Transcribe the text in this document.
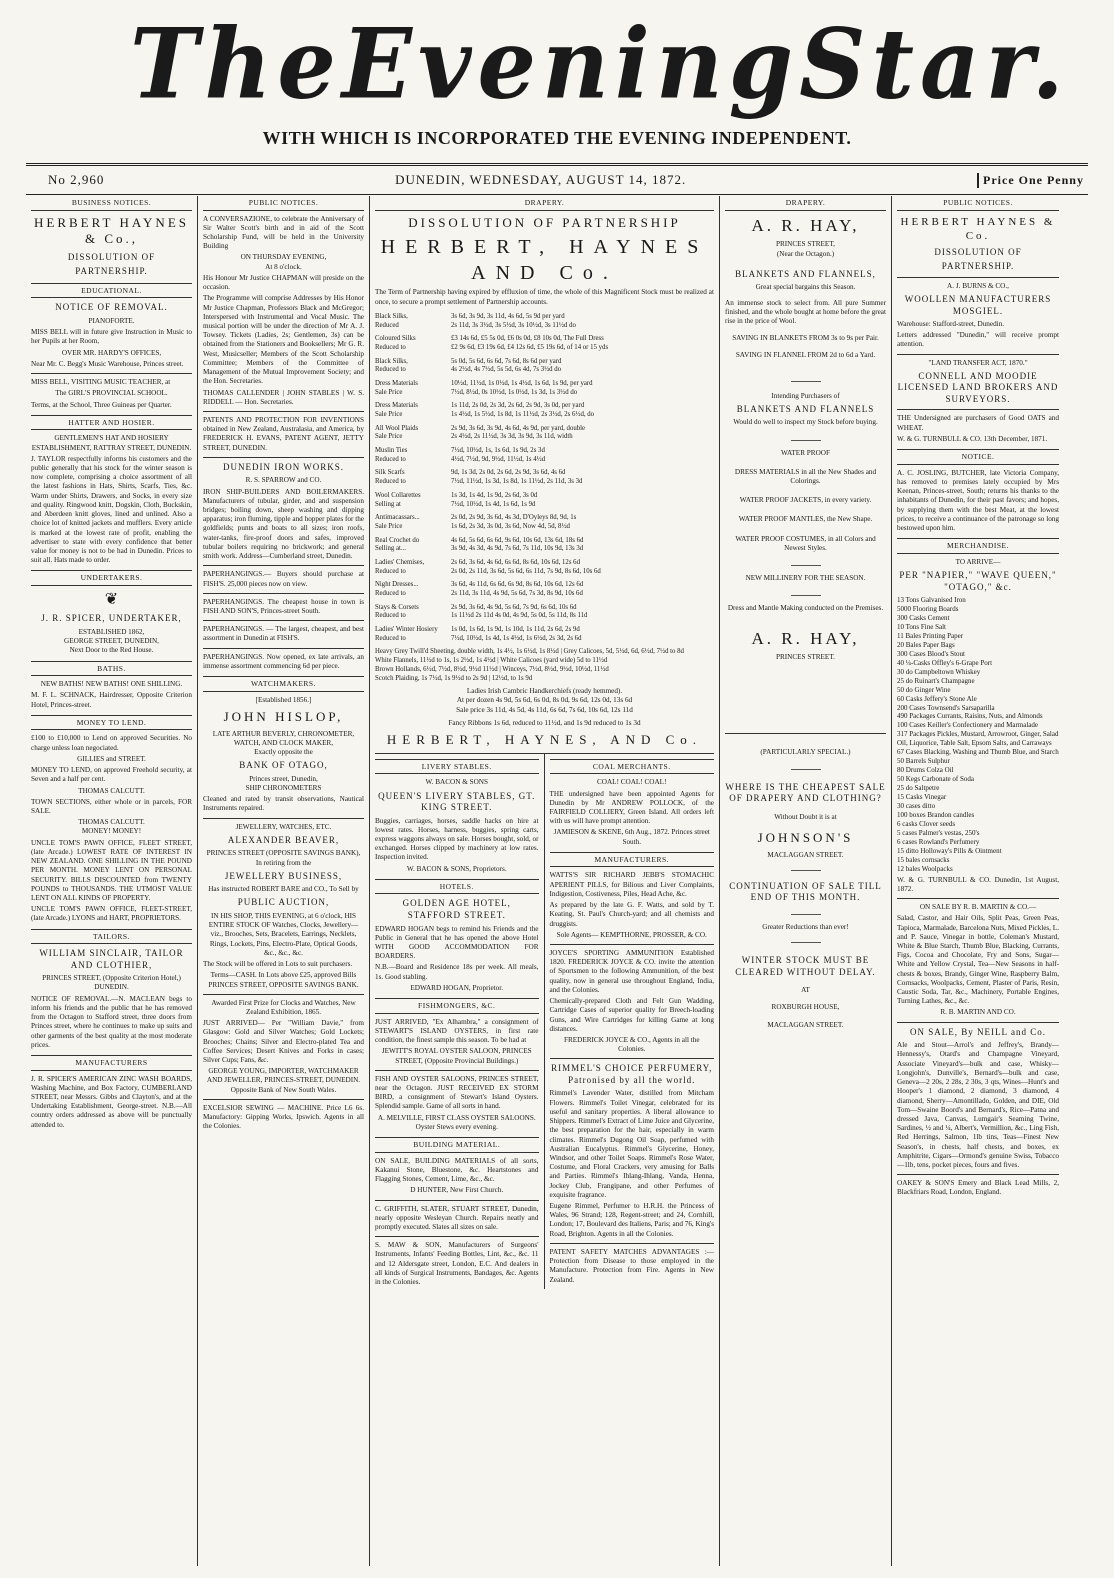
The Evening Star.
WITH WHICH IS INCORPORATED THE EVENING INDEPENDENT.
No 2,960	DUNEDIN, WEDNESDAY, AUGUST 14, 1872.	Price One Penny
BUSINESS NOTICES.
HERBERT HAYNES & Co.,
DISSOLUTION OF
PARTNERSHIP.
EDUCATIONAL.
NOTICE OF REMOVAL.
PIANOFORTE.

MISS BELL will in future give Instruction in Music to her Pupils at her Room,

OVER MR. HARDY'S OFFICES,

Near Mr. C. Begg's Music Warehouse, Princes street.

MISS BELL, VISITING MUSIC TEACHER, at

The GIRL'S PROVINCIAL SCHOOL.

Terms, at the School, Three Guineas per Quarter.

HATTER AND HOSIER.
GENTLEMEN'S HAT AND HOSIERY ESTABLISHMENT, RATTRAY STREET, DUNEDIN.

J. TAYLOR respectfully informs his customers and the public generally that his stock for the winter season is now complete, comprising a choice assortment of all the latest fashions in Hats, Shirts, Scarfs, Ties, &c. Warm under Shirts, Drawers, and Socks, in every size and quality. Ringwood knitt, Dogskin, Cloth, Buckskin, and Aberdeen knitt gloves, lined and unlined. Also a choice lot of knitted jackets and mufflers. Every article is marked at the lowest rate of profit, enabling the advertiser to state with every confidence that better value for money is not to be had in Dunedin. Prices to suit all. Hats made to order.

UNDERTAKERS.
❦
J. R. SPICER, UNDERTAKER,
ESTABLISHED 1862,
GEORGE STREET, DUNEDIN,
Next Door to the Red House.
BATHS.
NEW BATHS! NEW BATHS! ONE SHILLING.

M. F. L. SCHNACK, Hairdresser, Opposite Criterion Hotel, Princes-street.

MONEY TO LEND.

£100 to £10,000 to Lend on approved Securities. No charge unless loan negociated.

GILLIES and STREET.

MONEY TO LEND, on approved Freehold security, at Seven and a half per cent.

THOMAS CALCUTT.

TOWN SECTIONS, either whole or in parcels, FOR SALE.

THOMAS CALCUTT.
MONEY! MONEY!

UNCLE TOM'S PAWN OFFICE, FLEET STREET, (late Arcade.) LOWEST RATE OF INTEREST IN NEW ZEALAND. ONE SHILLING IN THE POUND PER MONTH. MONEY LENT ON PERSONAL SECURITY. BILLS DISCOUNTED from TWENTY POUNDS to THOUSANDS. THE UTMOST VALUE LENT ON ALL KINDS OF PROPERTY.

UNCLE TOM'S PAWN OFFICE, FLEET-STREET, (late Arcade.) LYONS and HART, PROPRIETORS.

TAILORS.
WILLIAM SINCLAIR, TAILOR AND CLOTHIER,
PRINCES STREET, (Opposite Criterion Hotel,) DUNEDIN.

NOTICE OF REMOVAL.—N. MACLEAN begs to inform his friends and the public that he has removed from the Octagon to Stafford street, three doors from Princes street, where he continues to make up suits and other garments of the best quality at the most moderate prices.

MANUFACTURERS

J. R. SPICER'S AMERICAN ZINC WASH BOARDS, Washing Machine, and Box Factory, CUMBERLAND STREET, near Messrs. Gibbs and Clayton's, and at the Undertaking Establishment, George-street. N.B.—All country orders addressed as above will be punctually attended to.

PUBLIC NOTICES.

A CONVERSAZIONE, to celebrate the Anniversary of Sir Walter Scott's birth and in aid of the Scott Scholarship Fund, will be held in the University Building

ON THURSDAY EVENING,
At 8 o'clock.

His Honour Mr Justice CHAPMAN will preside on the occasion.

The Programme will comprise Addresses by His Honor Mr Justice Chapman, Professors Black and McGregor; Interspersed with Instrumental and Vocal Music. The musical portion will be under the direction of Mr A. J. Towsey. Tickets (Ladies, 2s; Gentlemen, 3s) can be obtained from the Stationers and Booksellers; Mr G. R. West, Musicseller; Members of the Scott Scholarship Committee; Members of the Committee of Management of the Mutual Improvement Society; and the Hon. Secretaries.

THOMAS CALLENDER | JOHN STABLES | W. S. RIDDELL — Hon. Secretaries.

PATENTS AND PROTECTION FOR INVENTIONS obtained in New Zealand, Australasia, and America, by FREDERICK H. EVANS, PATENT AGENT, JETTY STREET, DUNEDIN.

DUNEDIN IRON WORKS.
R. S. SPARROW and CO.

IRON SHIP-BUILDERS AND BOILERMAKERS. Manufacturers of tubular, girder, and and suspension bridges; boiling down, sheep washing and dipping apparatus; iron fluming, tipple and hopper plates for the goldfields; punts and boats to all sizes; iron roofs, water-tanks, fire-proof doors and safes, improved tubular boilers requiring no brickwork; and general smith work. Address—Cumberland street, Dunedin.

PAPERHANGINGS.— Buyers should purchase at FISH'S. 25,000 pieces now on view.

PAPERHANGINGS. The cheapest house in town is FISH AND SON'S, Princes-street South.

PAPERHANGINGS. — The largest, cheapest, and best assortment in Dunedin at FISH'S.

PAPERHANGINGS. Now opened, ex late arrivals, an immense assortment commencing 6d per piece.

WATCHMAKERS.
[Established 1856.]
JOHN HISLOP,
LATE ARTHUR BEVERLY, CHRONOMETER, WATCH, AND CLOCK MAKER,
Exactly opposite the
BANK OF OTAGO,
Princes street, Dunedin,
SHIP CHRONOMETERS

Cleaned and rated by transit observations, Nautical Instruments repaired.

JEWELLERY, WATCHES, ETC.
ALEXANDER BEAVER,
PRINCES STREET (OPPOSITE SAVINGS BANK), In retiring from the
JEWELLERY BUSINESS,
Has instructed ROBERT BARE and CO., To Sell by
PUBLIC AUCTION,

IN HIS SHOP, THIS EVENING, at 6 o'clock, HIS ENTIRE STOCK OF Watches, Clocks, Jewellery—viz., Brooches, Sets, Bracelets, Earrings, Necklets, Rings, Lockets, Pins, Electro-Plate, Optical Goods, &c., &c., &c.

The Stock will be offered in Lots to suit purchasers.

Terms—CASH. In Lots above £25, approved Bills
PRINCES STREET, OPPOSITE SAVINGS BANK.
Awarded First Prize for Clocks and Watches, New Zealand Exhibition, 1865.

JUST ARRIVED— Per "William Davie," from Glasgow: Gold and Silver Watches; Gold Lockets; Brooches; Chains; Silver and Electro-plated Tea and Coffee Services; Desert Knives and Forks in cases; Silver Cups; Fans, &c.

GEORGE YOUNG, IMPORTER, WATCHMAKER AND JEWELLER, PRINCES-STREET, DUNEDIN.
Opposite Bank of New South Wales.

EXCELSIOR SEWING — MACHINE. Price L6 6s. Manufactory: Gipping Works, Ipswich. Agents in all the Colonies.

DRAPERY.
DISSOLUTION OF PARTNERSHIP
HERBERT, HAYNES AND Co.

The Term of Partnership having expired by effluxion of time, the whole of this Magnificent Stock must be realized at once, to secure a prompt settlement of Partnership accounts.

Black Silks,	3s 6d, 3s 9d, 3s 11d, 4s 6d, 5s 9d per yard
Reduced	2s 11d, 3s 3½d, 3s 5½d, 3s 10½d, 3s 11½d do
Coloured Silks	£3 14s 6d, £5 5s 0d, £6 0s 0d, £8 10s 0d, The Full Dress
Reduced to	£2 9s 6d, £3 19s 6d, £4 12s 6d, £5 19s 6d, of 14 or 15 yds
Black Silks,	5s 0d, 5s 6d, 6s 6d, 7s 6d, 8s 6d per yard
Reduced to	4s 2½d, 4s 7½d, 5s 5d, 6s 4d, 7s 3½d do
Dress Materials	10½d, 11½d, 1s 0½d, 1s 4½d, 1s 6d, 1s 9d, per yard
Sale Price	7½d, 8½d, 0s 10½d, 1s 0½d, 1s 3d, 1s 3½d do
Dress Materials	1s 11d, 2s 0d, 2s 3d, 2s 6d, 2s 9d, 3s 0d, per yard
Sale Price	1s 4½d, 1s 5½d, 1s 8d, 1s 11½d, 2s 3½d, 2s 6½d, do
All Wool Plaids	2s 9d, 3s 6d, 3s 9d, 4s 6d, 4s 9d, per yard, double
Sale Price	2s 4½d, 2s 11½d, 3s 3d, 3s 9d, 3s 11d, width
Muslin Ties	7½d, 10½d, 1s, 1s 6d, 1s 9d, 2s 3d
Reduced to	4½d, 7½d, 9d, 9½d, 11½d, 1s 4½d
Silk Scarfs	9d, 1s 3d, 2s 0d, 2s 6d, 2s 9d, 3s 6d, 4s 6d
Reduced to	7½d, 11½d, 1s 3d, 1s 8d, 1s 11½d, 2s 11d, 3s 3d
Wool Collarettes	1s 3d, 1s 4d, 1s 9d, 2s 6d, 3s 0d
Selling at	7½d, 10½d, 1s 4d, 1s 6d, 1s 9d
Antimacassars...	2s 0d, 2s 9d, 3s 6d, 4s 3d, D'Oyleys 8d, 9d, 1s
Sale Price	1s 6d, 2s 3d, 3s 0d, 3s 6d, Now 4d, 5d, 8½d
Real Crochet do	4s 6d, 5s 6d, 6s 6d, 9s 6d, 10s 6d, 13s 6d, 18s 6d
Selling at...	3s 9d, 4s 3d, 4s 9d, 7s 6d, 7s 11d, 10s 9d, 13s 3d
Ladies' Chemises,	2s 6d, 3s 6d, 4s 6d, 6s 6d, 8s 6d, 10s 6d, 12s 6d
Reduced to	2s 0d, 2s 11d, 3s 6d, 5s 6d, 6s 11d, 7s 9d, 8s 6d, 10s 6d
Night Dresses...	3s 6d, 4s 11d, 6s 6d, 6s 9d, 8s 6d, 10s 6d, 12s 6d
Reduced to	2s 11d, 3s 11d, 4s 9d, 5s 6d, 7s 3d, 8s 9d, 10s 6d
Stays & Corsets	2s 9d, 3s 6d, 4s 9d, 5s 6d, 7s 9d, 6s 6d, 10s 6d
Reduced to	1s 11½d 2s 11d 4s 0d, 4s 9d, 5s 0d, 5s 11d, 8s 11d
Ladies' Winter Hosiery	1s 0d, 1s 6d, 1s 9d, 1s 10d, 1s 11d, 2s 6d, 2s 9d
Reduced to	7½d, 10½d, 1s 4d, 1s 4½d, 1s 6½d, 2s 3d, 2s 6d
Heavy Grey Twill'd Sheeting, double width, 1s 4½, 1s 6½d, 1s 8½d | Grey Calicoes, 5d, 5½d, 6d, 6½d, 7½d to 8d
White Flannels, 11½d to 1s, 1s 2½d, 1s 4½d | White Calicoes (yard wide) 5d to 11½d
Brown Hollands, 6½d, 7½d, 8½d, 9½d 11½d | Winceys, 7½d, 8½d, 9½d, 10½d, 11½d
Scotch Plaiding, 1s 7½d, 1s 9½d to 2s 9d | 12½d, to 1s 9d
Ladies Irish Cambric Handkerchiefs (ready hemmed).
At per dozen 4s 9d, 5s 6d, 6s 0d, 8s 0d, 9s 6d, 12s 0d, 13s 6d
Sale price 3s 11d, 4s 5d, 4s 11d, 6s 6d, 7s 6d, 10s 6d, 12s 11d
Fancy Ribbons 1s 6d, reduced to 11½d, and 1s 9d reduced to 1s 3d
HERBERT, HAYNES, AND Co.
LIVERY STABLES.
W. BACON & SONS
QUEEN'S LIVERY STABLES, GT. KING STREET.

Buggies, carriages, horses, saddle hacks on hire at lowest rates. Horses, harness, buggies, spring carts, express waggons always on sale. Horses bought, sold, or exchanged. Horses clipped by machinery at low rates. Inspection invited.

W. BACON & SONS, Proprietors.
HOTELS.
GOLDEN AGE HOTEL, STAFFORD STREET.

EDWARD HOGAN begs to remind his Friends and the Public in General that he has opened the above Hotel WITH GOOD ACCOMMODATION FOR BOARDERS.

N.B.—Board and Residence 18s per week. All meals, 1s. Good stabling.

EDWARD HOGAN, Proprietor.
FISHMONGERS, &C.

JUST ARRIVED, "Ex Alhambra," a consignment of STEWART'S ISLAND OYSTERS, in first rate condition, the finest sample this season. To be had at

JEWITT'S ROYAL OYSTER SALOON, PRINCES STREET, (Opposite Provincial Buildings.)

FISH AND OYSTER SALOONS, PRINCES STREET, near the Octagon. JUST RECEIVED EX STORM BIRD, a consignment of Stewart's Island Oysters. Splendid sample. Game of all sorts in hand.

A. MELVILLE, FIRST CLASS OYSTER SALOONS. Oyster Stews every evening.
BUILDING MATERIAL.

ON SALE, BUILDING MATERIALS of all sorts, Kakanui Stone, Bluestone, &c. Heartstones and Flagging Stones, Cement, Lime, &c., &c.

D HUNTER, New First Church.

C. GRIFFITH, SLATER, STUART STREET, Dunedin, nearly opposite Wesleyan Church. Repairs neatly and promptly executed. Slates all sizes on sale.

S. MAW & SON, Manufacturers of Surgeons' Instruments, Infants' Feeding Bottles, Lint, &c., &c. 11 and 12 Aldersgate street, London, E.C. And dealers in all kinds of Surgical Instruments, Bandages, &c. Agents in the Colonies.

COAL MERCHANTS.
COAL! COAL! COAL!

THE undersigned have been appointed Agents for Dunedin by Mr ANDREW POLLOCK, of the FAIRFIELD COLLIERY, Green Island. All orders left with us will have prompt attention.

JAMIESON & SKENE, 6th Aug., 1872. Princes street South.
MANUFACTURERS.

WATTS'S SIR RICHARD JEBB'S STOMACHIC APERIENT PILLS, for Bilious and Liver Complaints, Indigestion, Costiveness, Piles, Head Ache, &c.

As prepared by the late G. F. Watts, and sold by T. Keating, St. Paul's Church-yard; and all chemists and druggists.

Sole Agents— KEMPTHORNE, PROSSER, & CO.

JOYCE'S SPORTING AMMUNITION Established 1820. FREDERICK JOYCE & CO. invite the attention of Sportsmen to the following Ammunition, of the best quality, now in general use throughout England, India, and the Colonies.

Chemically-prepared Cloth and Felt Gun Wadding, Cartridge Cases of superior quality for Breech-loading Guns, and Wire Cartridges for killing Game at long distances.

FREDERICK JOYCE & CO., Agents in all the Colonies.
RIMMEL'S CHOICE PERFUMERY, Patronised by all the world.

Rimmel's Lavender Water, distilled from Mitcham Flowers. Rimmel's Toilet Vinegar, celebrated for its useful and sanitary properties. A liberal allowance to Shippers. Rimmel's Extract of Lime Juice and Glycerine, the best preparation for the hair, especially in warm climates. Rimmel's Dugong Oil Soap, perfumed with Australian Eucalyptus. Rimmel's Glycerine, Honey, Windsor, and other Toilet Soaps. Rimmel's Rose Water, Costume, and Floral Crackers, very amusing for Balls and Parties. Rimmel's Ihlang-Ihlang, Vanda, Henna, Jockey Club, Frangipane, and other Perfumes of exquisite fragrance.

Eugene Rimmel, Perfumer to H.R.H. the Princess of Wales, 96 Strand; 128, Regent-street; and 24, Cornhill, London; 17, Boulevard des Italiens, Paris; and 76, King's Road, Brighton. Agents in all the Colonies.

PATENT SAFETY MATCHES ADVANTAGES :— Protection from Disease to those employed in the Manufacture. Protection from Fire. Agents in New Zealand.

DRAPERY.
A. R. HAY,
PRINCES STREET,
(Near the Octagon.)
BLANKETS AND FLANNELS,
Great special bargains this Season.

An immense stock to select from. All pure Summer finished, and the whole bought at home before the great rise in the price of Wool.

SAVING IN BLANKETS FROM 3s to 9s per Pair.
SAVING IN FLANNEL FROM 2d to 6d a Yard.
Intending Purchasers of
BLANKETS AND FLANNELS
Would do well to inspect my Stock before buying.
WATER PROOF
DRESS MATERIALS in all the New Shades and Colorings.
WATER PROOF JACKETS, in every variety.
WATER PROOF MANTLES, the New Shape.
WATER PROOF COSTUMES, in all Colors and Newest Styles.
NEW MILLINERY FOR THE SEASON.
Dress and Mantle Making conducted on the Premises.
A. R. HAY,
PRINCES STREET.
(PARTICULARLY SPECIAL.)
WHERE IS THE CHEAPEST SALE OF DRAPERY AND CLOTHING?
Without Doubt it is at
JOHNSON'S
MACLAGGAN STREET.
CONTINUATION OF SALE TILL END OF THIS MONTH.
Greater Reductions than ever!
WINTER STOCK MUST BE CLEARED WITHOUT DELAY.
AT
ROXBURGH HOUSE,
MACLAGGAN STREET.
PUBLIC NOTICES.
HERBERT HAYNES & Co.
DISSOLUTION OF
PARTNERSHIP.
A. J. BURNS & CO.,
WOOLLEN MANUFACTURERS MOSGIEL.

Warehouse: Stafford-street, Dunedin.

Letters addressed "Dunedin," will receive prompt attention.

"LAND TRANSFER ACT, 1870."
CONNELL AND MOODIE LICENSED LAND BROKERS AND SURVEYORS.

THE Undersigned are purchasers of Good OATS and WHEAT.

W. & G. TURNBULL & CO. 13th December, 1871.

NOTICE.

A. C. JOSLING, BUTCHER, late Victoria Company, has removed to premises lately occupied by Mrs Keenan, Princes-street, South; returns his thanks to the inhabitants of Dunedin, for their past favors; and hopes, by supplying them with the best Meat, at the lowest prices, to receive a continuance of the patronage so long bestowed upon him.

MERCHANDISE.
TO ARRIVE—
PER "NAPIER," "WAVE QUEEN," "OTAGO," &c.
13 Tons Galvanised Iron
5000 Flooring Boards
300 Casks Cement
10 Tons Fine Salt
11 Bales Printing Paper
20 Bales Paper Bags
300 Cases Blood's Stout
40 ¼-Casks Offley's 6-Grape Port
30 do Campbeltown Whiskey
25 do Ruinart's Champagne
50 do Ginger Wine
60 Casks Jeffery's Stone Ale
200 Cases Townsend's Sarsaparilla
490 Packages Currants, Raisins, Nuts, and Almonds
100 Cases Keiller's Confectionery and Marmalade
317 Packages Pickles, Mustard, Arrowroot, Ginger, Salad Oil, Liquorice, Table Salt, Epsom Salts, and Carraways
67 Cases Blacking, Washing and Thumb Blue, and Starch
50 Barrels Sulphur
80 Drums Colza Oil
50 Kegs Carbonate of Soda
25 do Saltpetre
15 Casks Vinegar
30 cases ditto
100 boxes Brandon candles
6 casks Clover seeds
5 cases Palmer's vestas, 250's
6 cases Rowland's Perfumery
15 ditto Holloway's Pills & Ointment
15 bales cornsacks
12 bales Woolpacks

W. & G. TURNBULL & CO. Dunedin, 1st August, 1872.

ON SALE BY R. B. MARTIN & CO.—

Salad, Castor, and Hair Oils, Split Peas, Green Peas, Tapioca, Marmalade, Barcelona Nuts, Mixed Pickles, L. and P. Sauce, Vinegar in bottle, Coleman's Mustard, White & Blue Starch, Thumb Blue, Blacking, Currants, Figs, Cocoa and Chocolate, Fry and Sons, Sugar—White and Yellow Crystal, Tea—New Seasons in half-chests & boxes, Brandy, Ginger Wine, Raspberry Balm, Cornsacks, Woolpacks, Cement, Plaster of Paris, Resin, Caustic Soda, Tar, &c., Machinery, Portable Engines, Turning Lathes, &c., &c.

R. B. MARTIN AND CO.
ON SALE, By NEILL and Co.

Ale and Stout—Arrol's and Jeffrey's, Brandy—Hennessy's, Otard's and Champagne Vineyard, Associate Vineyard's—bulk and case, Whisky—Longjohn's, Dunville's, Bernard's—bulk and case, Geneva—2 20s, 2 28s, 2 30s, 3 qts, Wines—Hunt's and Hooper's 1 diamond, 2 diamond, 3 diamond, 4 diamond, Sherry—Amontillado, Golden, and DIE, Old Tom—Swaine Boord's and Bernard's, Rice—Patna and dressed Java, Canvas, Lumgair's Seaming Twine, Sardines, ½ and ¼, Albert's, Vermillion, &c., Ling Fish, Red Herrings, Salmon, 1lb tins, Teas—Finest New Season's, in chests, half chests, and boxes, ex Amphitrite, Cigars—Ormond's genuine Swiss, Tobacco—1lb, tens, pocket pieces, fours and fives.

OAKEY & SON'S Emery and Black Lead Mills, 2, Blackfriars Road, London, England.
